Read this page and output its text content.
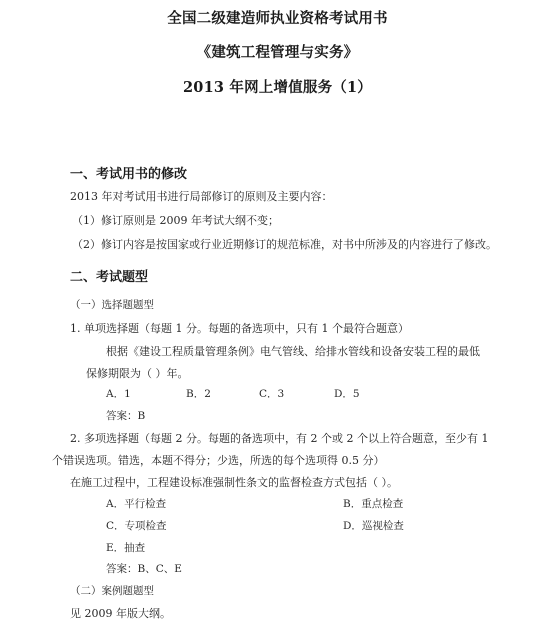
全国二级建造师执业资格考试用书
《建筑工程管理与实务》
2013 年网上增值服务（1）
一、考试用书的修改
2013 年对考试用书进行局部修订的原则及主要内容：
（1）修订原则是 2009 年考试大纲不变；
（2）修订内容是按国家或行业近期修订的规范标准，对书中所涉及的内容进行了修改。
二、考试题型
（一）选择题题型
1. 单项选择题（每题 1 分。每题的备选项中，只有 1 个最符合题意）
根据《建设工程质量管理条例》电气管线、给排水管线和设备安装工程的最低
保修期限为（ ）年。
A．1	B．2	C．3	D．5
答案：B
2. 多项选择题（每题 2 分。每题的备选项中，有 2 个或 2 个以上符合题意，至少有 1
个错误选项。错选，本题不得分；少选，所选的每个选项得 0.5 分）
在施工过程中，工程建设标准强制性条文的监督检查方式包括（ ）。
A．平行检查	B．重点检查
C．专项检查	D．巡视检查
E．抽查
答案：B、C、E
（二）案例题题型
见 2009 年版大纲。
